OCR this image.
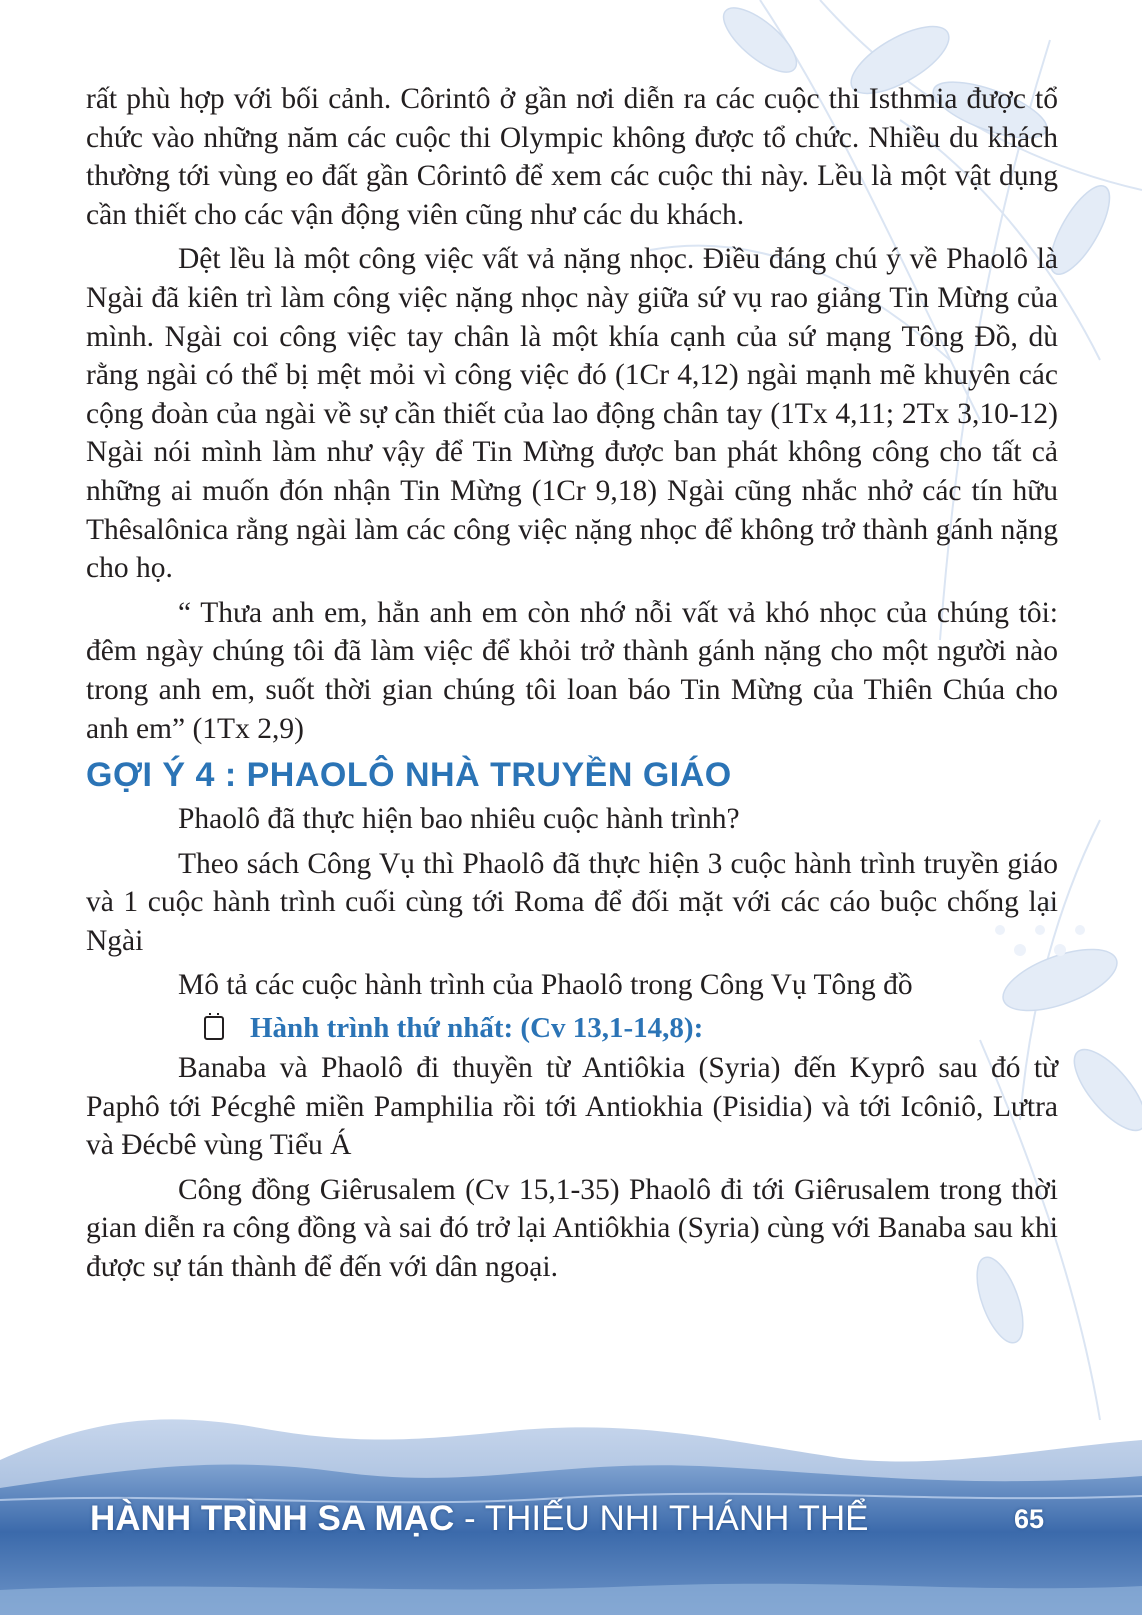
rất phù hợp với bối cảnh. Côrintô ở gần nơi diễn ra các cuộc thi Isthmia được tổ chức vào những năm các cuộc thi Olympic không được tổ chức. Nhiều du khách thường tới vùng eo đất gần Côrintô để xem các cuộc thi này. Lều là một vật dụng cần thiết cho các vận động viên cũng như các du khách.

Dệt lều là một công việc vất vả nặng nhọc. Điều đáng chú ý về Phaolô là Ngài đã kiên trì làm công việc nặng nhọc này giữa sứ vụ rao giảng Tin Mừng của mình. Ngài coi công việc tay chân là một khía cạnh của sứ mạng Tông Đồ, dù rằng ngài có thể bị mệt mỏi vì công việc đó (1Cr 4,12) ngài mạnh mẽ khuyên các cộng đoàn của ngài về sự cần thiết của lao động chân tay (1Tx 4,11; 2Tx 3,10-12) Ngài nói mình làm như vậy để Tin Mừng được ban phát không công cho tất cả những ai muốn đón nhận Tin Mừng (1Cr 9,18) Ngài cũng nhắc nhở các tín hữu Thêsalônica rằng ngài làm các công việc nặng nhọc để không trở thành gánh nặng cho họ.

“ Thưa anh em, hẳn anh em còn nhớ nỗi vất vả khó nhọc của chúng tôi: đêm ngày chúng tôi đã làm việc để khỏi trở thành gánh nặng cho một người nào trong anh em, suốt thời gian chúng tôi loan báo Tin Mừng của Thiên Chúa cho anh em” (1Tx 2,9)

GỢI Ý 4 : PHAOLÔ NHÀ TRUYỀN GIÁO

Phaolô đã thực hiện bao nhiêu cuộc hành trình?

Theo sách Công Vụ thì Phaolô đã thực hiện 3 cuộc hành trình truyền giáo và 1 cuộc hành trình cuối cùng tới Roma để đối mặt với các cáo buộc chống lại Ngài

Mô tả các cuộc hành trình của Phaolô trong Công Vụ Tông đồ

Hành trình thứ nhất: (Cv 13,1-14,8):

Banaba và Phaolô đi thuyền từ Antiôkia (Syria) đến Kyprô sau đó từ Paphô tới Pécghê miền Pamphilia rồi tới Antiokhia (Pisidia) và tới Icôniô, Lưtra và Đécbê vùng Tiểu Á

Công đồng Giêrusalem (Cv 15,1-35) Phaolô đi tới Giêrusalem trong thời gian diễn ra công đồng và sai đó trở lại Antiôkhia (Syria) cùng với Banaba sau khi được sự tán thành để đến với dân ngoại.

HÀNH TRÌNH SA MẠC - THIẾU NHI THÁNH THỂ	65
